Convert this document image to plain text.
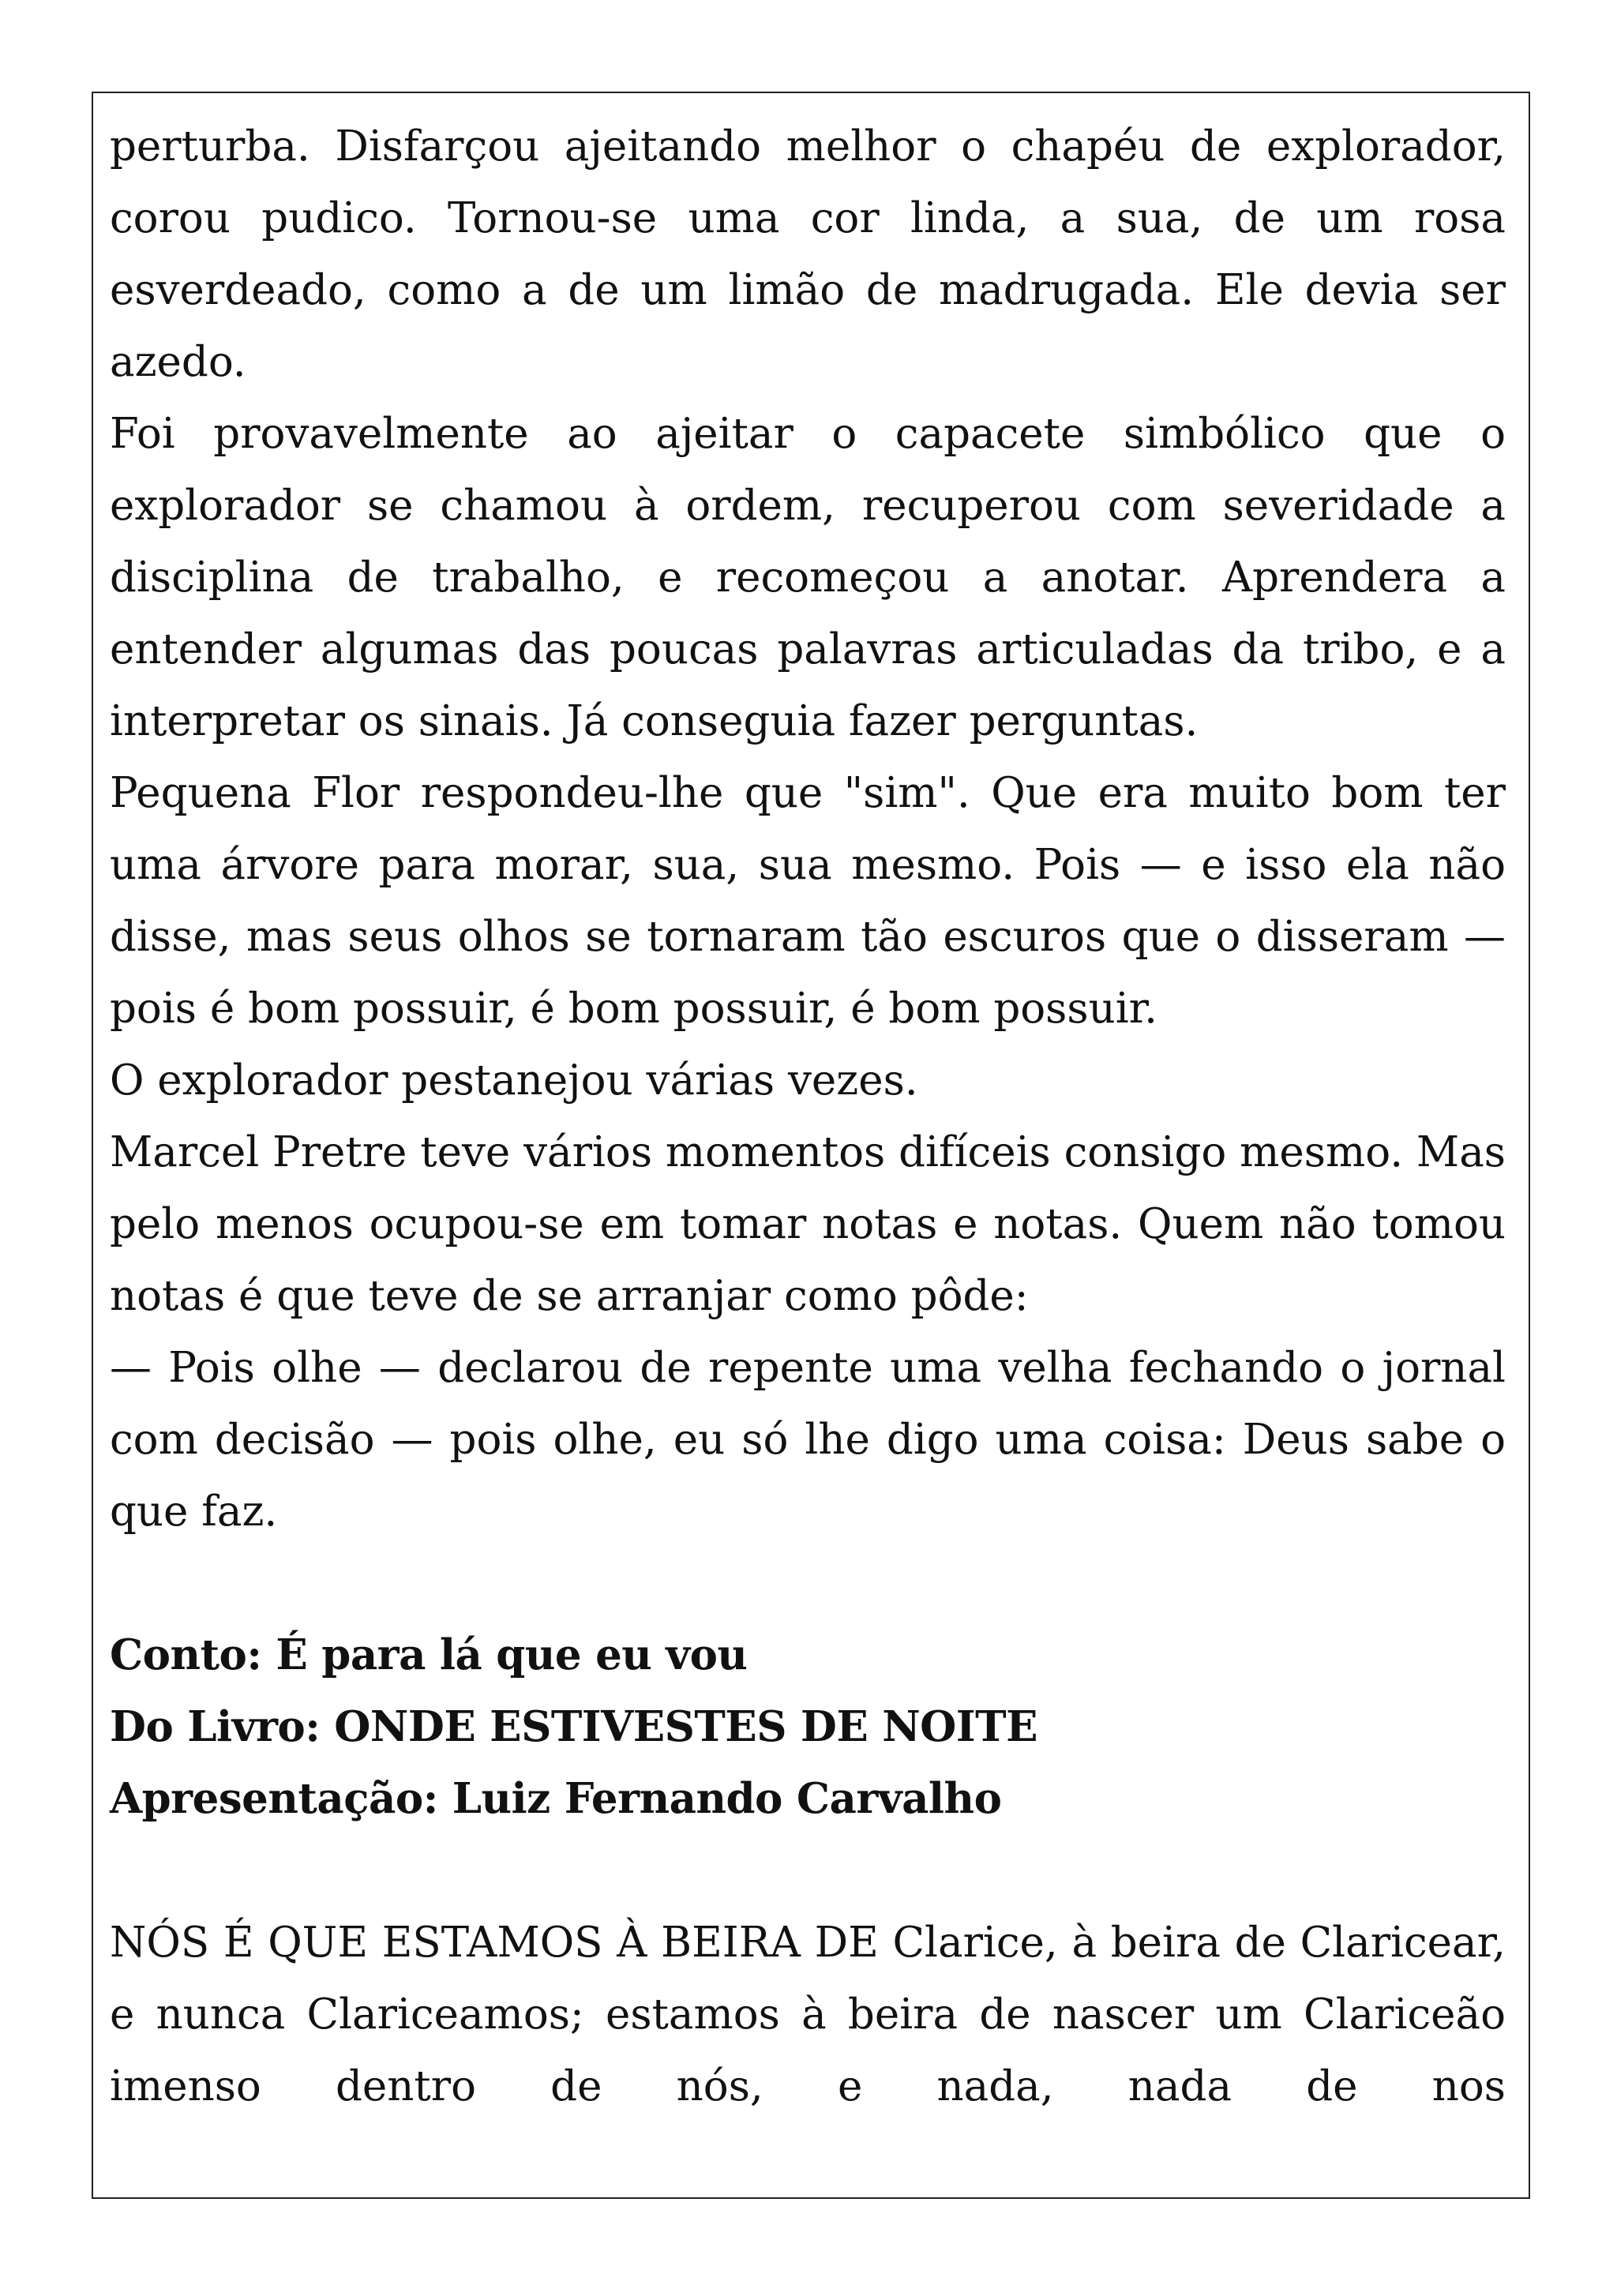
perturba. Disfarçou ajeitando melhor o chapéu de explorador, corou pudico. Tornou-se uma cor linda, a sua, de um rosa esverdeado, como a de um limão de madrugada. Ele devia ser azedo.

Foi provavelmente ao ajeitar o capacete simbólico que o explorador se chamou à ordem, recuperou com severidade a disciplina de trabalho, e recomeçou a anotar. Aprendera a entender algumas das poucas palavras articuladas da tribo, e a interpretar os sinais. Já conseguia fazer perguntas.

Pequena Flor respondeu-lhe que "sim". Que era muito bom ter uma árvore para morar, sua, sua mesmo. Pois — e isso ela não disse, mas seus olhos se tornaram tão escuros que o disseram — pois é bom possuir, é bom possuir, é bom possuir.

O explorador pestanejou várias vezes.

Marcel Pretre teve vários momentos difíceis consigo mesmo. Mas pelo menos ocupou-se em tomar notas e notas. Quem não tomou notas é que teve de se arranjar como pôde:

— Pois olhe — declarou de repente uma velha fechando o jornal com decisão — pois olhe, eu só lhe digo uma coisa: Deus sabe o que faz.

Conto: É para lá que eu vou

Do Livro: ONDE ESTIVESTES DE NOITE

Apresentação: Luiz Fernando Carvalho

NÓS É QUE ESTAMOS À BEIRA DE Clarice, à beira de Claricear, e nunca Clariceamos; estamos à beira de nascer um Clariceão imenso dentro de nós, e nada, nada de nos
